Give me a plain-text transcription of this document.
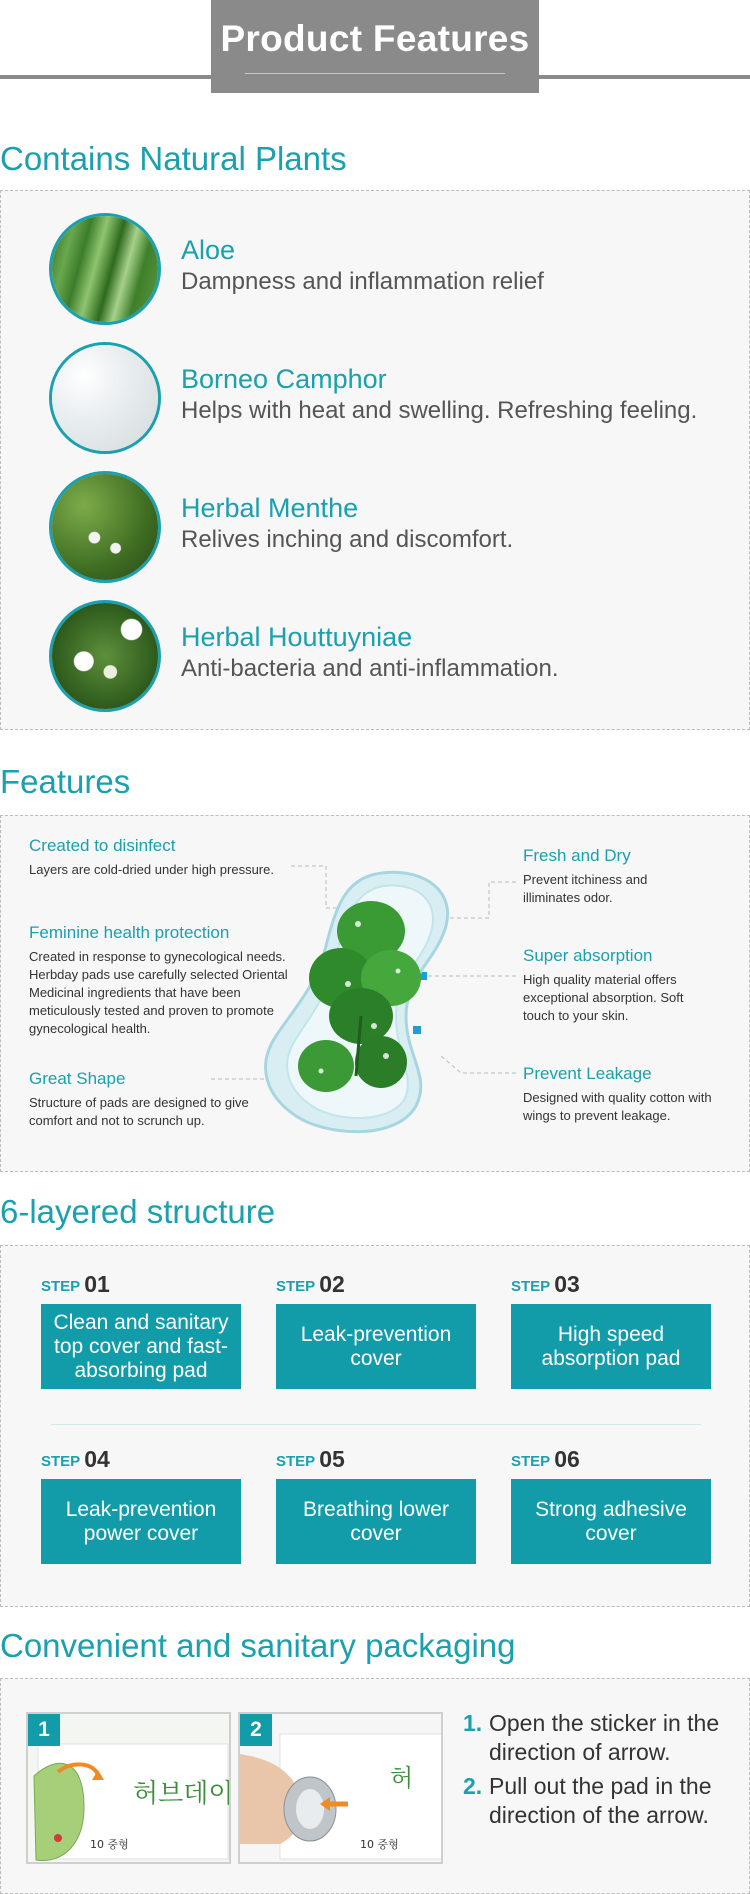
Product Features
Contains Natural Plants
Aloe
Dampness and inflammation relief
Borneo Camphor
Helps with heat and swelling. Refreshing feeling.
Herbal Menthe
Relives inching and discomfort.
Herbal Houttuyniae
Anti-bacteria and anti-inflammation.
Features
Created to disinfect
Layers are cold-dried under high pressure.
Feminine health protection
Created in response to gynecological needs. Herbday pads use carefully selected Oriental Medicinal ingredients that have been meticulously tested and proven to promote gynecological health.
Great Shape
Structure of pads are designed to give comfort and not to scrunch up.
Fresh and Dry
Prevent itchiness and illiminates odor.
Super absorption
High quality material offers exceptional absorption. Soft touch to your skin.
Prevent Leakage
Designed with quality cotton with wings to prevent leakage.
6-layered structure
STEP 01
Clean and sanitary top cover and fast-absorbing pad
STEP 02
Leak-prevention cover
STEP 03
High speed absorption pad
STEP 04
Leak-prevention power cover
STEP 05
Breathing lower cover
STEP 06
Strong adhesive cover
Convenient and sanitary packaging
1
허브데이
10 중형
2
허
10 중형
1. Open the sticker in the direction of arrow.
2. Pull out the pad in the direction of the arrow.
